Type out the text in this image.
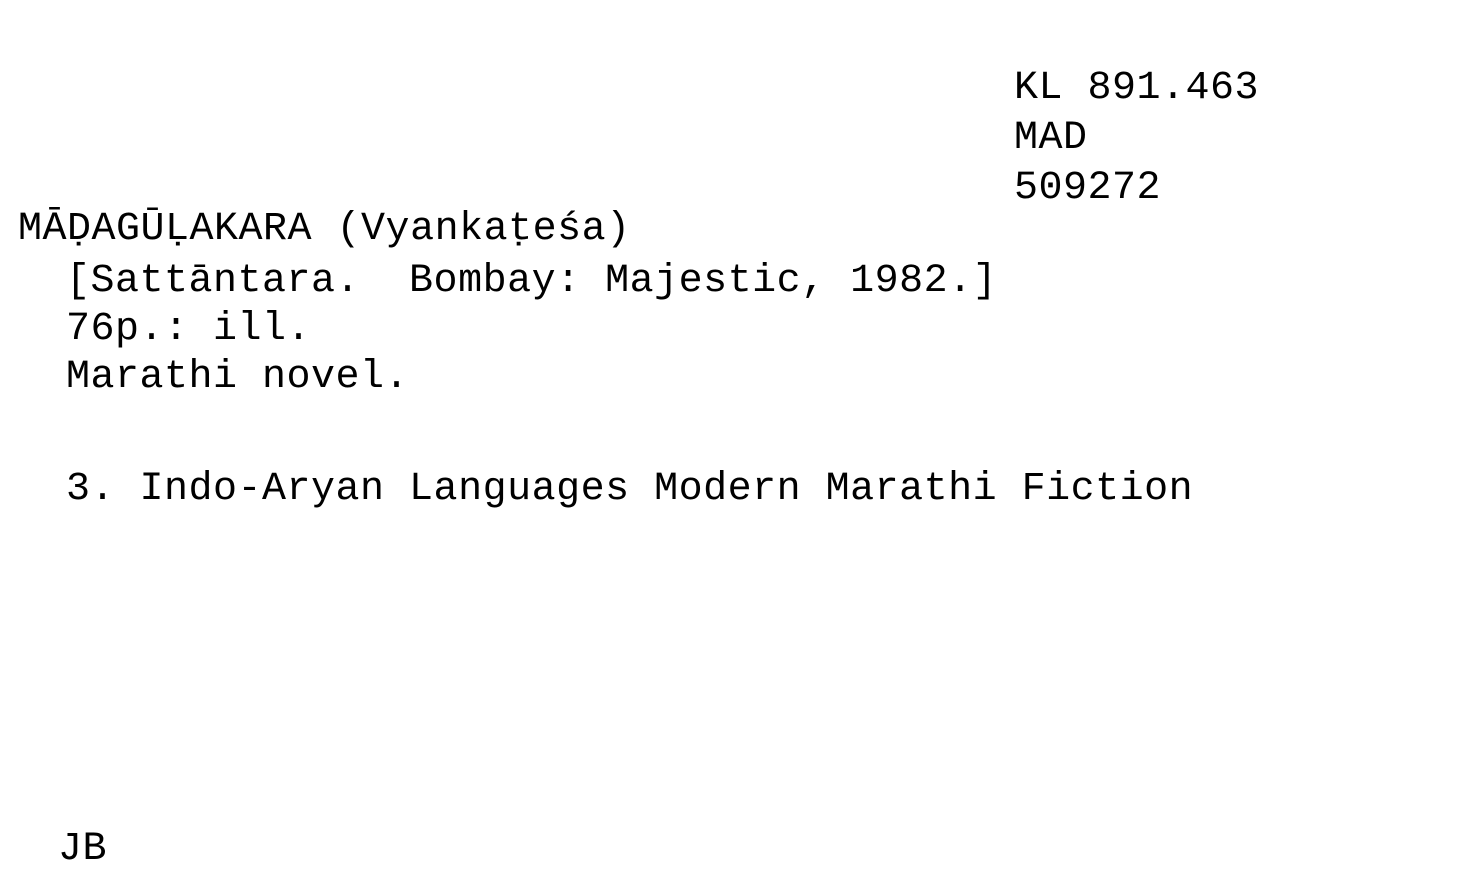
KL 891.463
MAD
509272
MĀḌAGŪḶAKARA (Vyankaṭeśa)
[Sattāntara.  Bombay: Majestic, 1982.]
76p.: ill.
Marathi novel.
3. Indo-Aryan Languages Modern Marathi Fiction
JB
